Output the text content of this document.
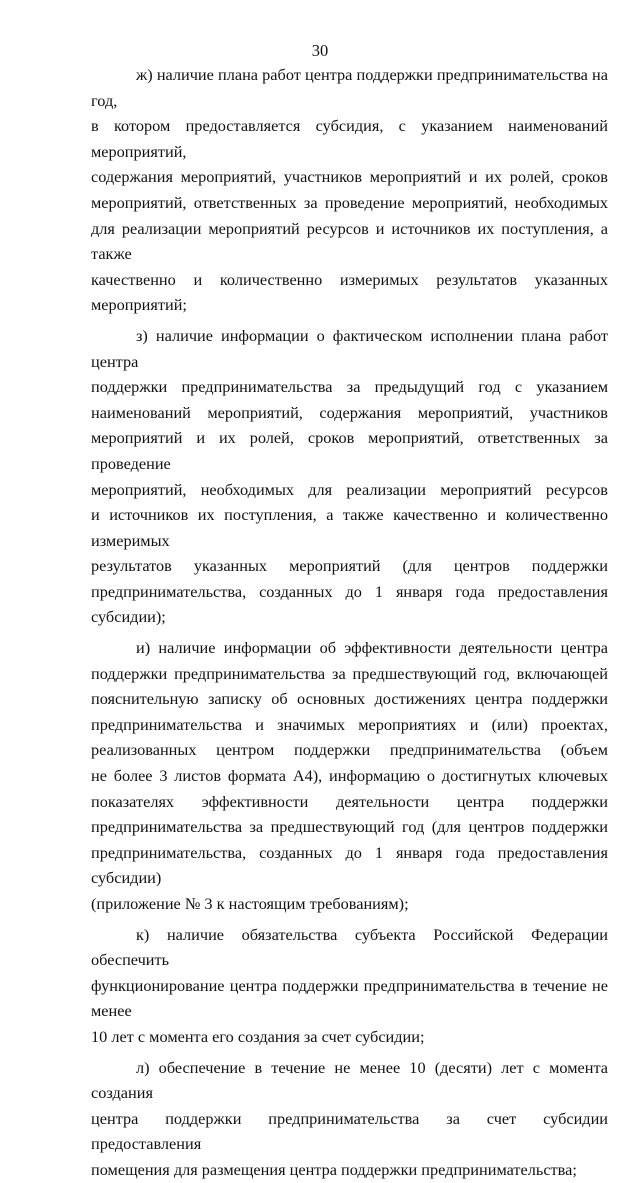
30

ж) наличие плана работ центра поддержки предпринимательства на год,
в котором предоставляется субсидия, с указанием наименований мероприятий,
содержания мероприятий, участников мероприятий и их ролей, сроков
мероприятий, ответственных за проведение мероприятий, необходимых
для реализации мероприятий ресурсов и источников их поступления, а также
качественно и количественно измеримых результатов указанных мероприятий;

з) наличие информации о фактическом исполнении плана работ центра
поддержки предпринимательства за предыдущий год с указанием
наименований мероприятий, содержания мероприятий, участников
мероприятий и их ролей, сроков мероприятий, ответственных за проведение
мероприятий, необходимых для реализации мероприятий ресурсов
и источников их поступления, а также качественно и количественно измеримых
результатов указанных мероприятий (для центров поддержки
предпринимательства, созданных до 1 января года предоставления субсидии);

и) наличие информации об эффективности деятельности центра
поддержки предпринимательства за предшествующий год, включающей
пояснительную записку об основных достижениях центра поддержки
предпринимательства и значимых мероприятиях и (или) проектах,
реализованных центром поддержки предпринимательства (объем
не более 3 листов формата А4), информацию о достигнутых ключевых
показателях эффективности деятельности центра поддержки
предпринимательства за предшествующий год (для центров поддержки
предпринимательства, созданных до 1 января года предоставления субсидии)
(приложение № 3 к настоящим требованиям);

к) наличие обязательства субъекта Российской Федерации обеспечить
функционирование центра поддержки предпринимательства в течение не менее
10 лет с момента его создания за счет субсидии;

л) обеспечение в течение не менее 10 (десяти) лет с момента создания
центра поддержки предпринимательства за счет субсидии предоставления
помещения для размещения центра поддержки предпринимательства;
